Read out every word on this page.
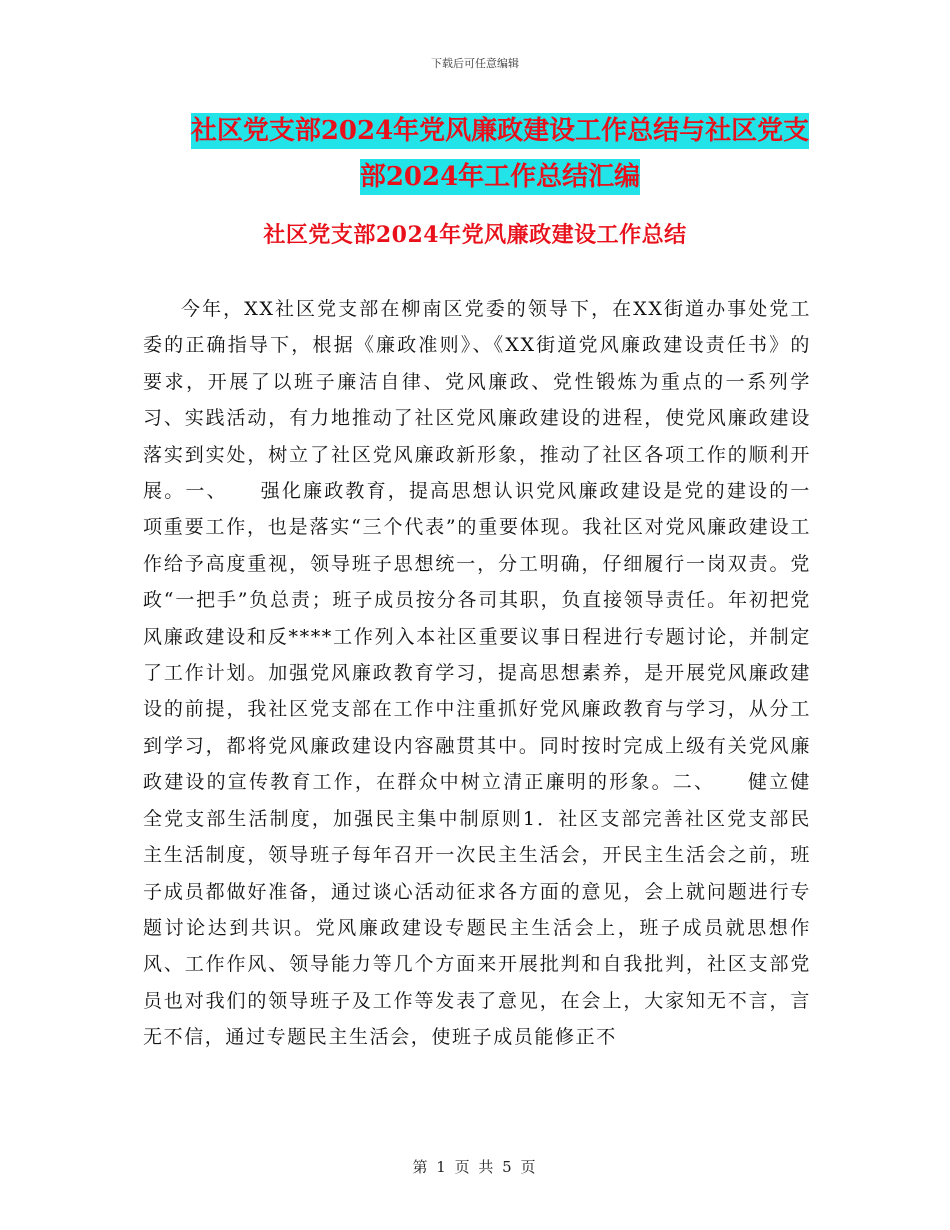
下载后可任意编辑
社区党支部2024年党风廉政建设工作总结与社区党支
部2024年工作总结汇编
社区党支部2024年党风廉政建设工作总结

今年，XX社区党支部在柳南区党委的领导下，在XX街道办事处党工委的正确指导下，根据《廉政准则》、《XX街道党风廉政建设责任书》的要求，开展了以班子廉洁自律、党风廉政、党性锻炼为重点的一系列学习、实践活动，有力地推动了社区党风廉政建设的进程，使党风廉政建设落实到实处，树立了社区党风廉政新形象，推动了社区各项工作的顺利开展。一、　　强化廉政教育，提高思想认识党风廉政建设是党的建设的一项重要工作，也是落实“三个代表”的重要体现。我社区对党风廉政建设工作给予高度重视，领导班子思想统一，分工明确，仔细履行一岗双责。党政“一把手”负总责；班子成员按分各司其职，负直接领导责任。年初把党风廉政建设和反****工作列入本社区重要议事日程进行专题讨论，并制定了工作计划。加强党风廉政教育学习，提高思想素养，是开展党风廉政建设的前提，我社区党支部在工作中注重抓好党风廉政教育与学习，从分工到学习，都将党风廉政建设内容融贯其中。同时按时完成上级有关党风廉政建设的宣传教育工作，在群众中树立清正廉明的形象。二、　　健立健全党支部生活制度，加强民主集中制原则1．社区支部完善社区党支部民主生活制度，领导班子每年召开一次民主生活会，开民主生活会之前，班子成员都做好准备，通过谈心活动征求各方面的意见，会上就问题进行专题讨论达到共识。党风廉政建设专题民主生活会上，班子成员就思想作风、工作作风、领导能力等几个方面来开展批判和自我批判，社区支部党员也对我们的领导班子及工作等发表了意见，在会上，大家知无不言，言无不信，通过专题民主生活会，使班子成员能修正不

第 1 页 共 5 页
